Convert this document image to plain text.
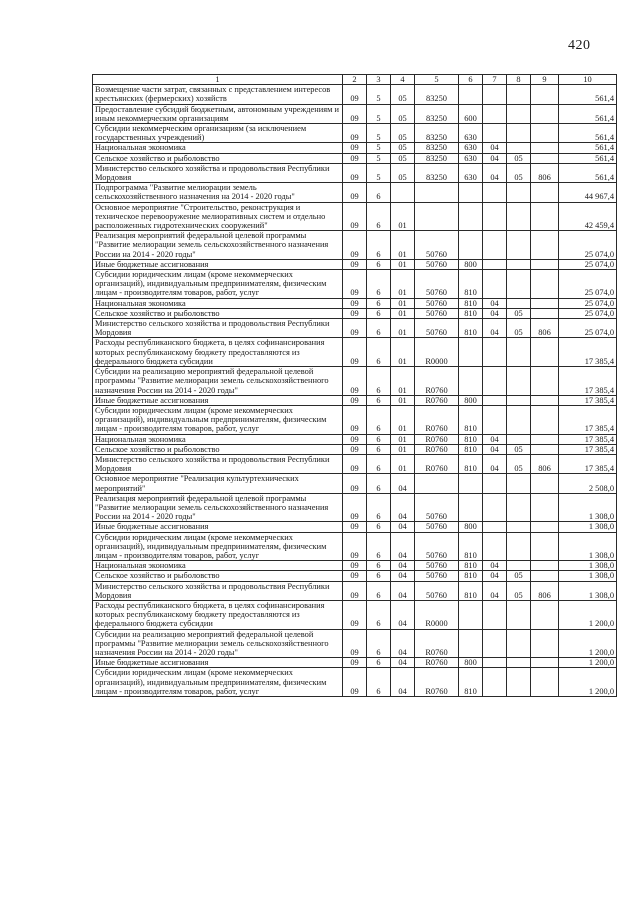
420
1	2	3	4	5	6	7	8	9	10
Возмещение части затрат, связанных с представлением интересов крестьянских (фермерских) хозяйств	09	5	05	83250					561,4
Предоставление субсидий бюджетным, автономным учреждениям и иным некоммерческим организациям	09	5	05	83250	600				561,4
Субсидии некоммерческим организациям (за исключением государственных учреждений)	09	5	05	83250	630				561,4
Национальная экономика	09	5	05	83250	630	04			561,4
Сельское хозяйство и рыболовство	09	5	05	83250	630	04	05		561,4
Министерство сельского хозяйства и продовольствия Республики Мордовия	09	5	05	83250	630	04	05	806	561,4
Подпрограмма "Развитие мелиорации земель сельскохозяйственного назначения на 2014 - 2020 годы"	09	6							44 967,4
Основное мероприятие "Строительство, реконструкция и техническое перевооружение мелиоративных систем и отдельно расположенных гидротехнических сооружений"	09	6	01						42 459,4
Реализация мероприятий федеральной целевой программы "Развитие мелиорации земель сельскохозяйственного назначения России на 2014 - 2020 годы"	09	6	01	50760					25 074,0
Иные бюджетные ассигнования	09	6	01	50760	800				25 074,0
Субсидии юридическим лицам (кроме некоммерческих организаций), индивидуальным предпринимателям, физическим лицам - производителям товаров, работ, услуг	09	6	01	50760	810				25 074,0
Национальная экономика	09	6	01	50760	810	04			25 074,0
Сельское хозяйство и рыболовство	09	6	01	50760	810	04	05		25 074,0
Министерство сельского хозяйства и продовольствия Республики Мордовия	09	6	01	50760	810	04	05	806	25 074,0
Расходы республиканского бюджета, в целях софинансирования которых республиканскому бюджету предоставляются из федерального бюджета субсидии	09	6	01	R0000					17 385,4
Субсидии на реализацию мероприятий федеральной целевой программы "Развитие мелиорации земель сельскохозяйственного назначения России на 2014 - 2020 годы"	09	6	01	R0760					17 385,4
Иные бюджетные ассигнования	09	6	01	R0760	800				17 385,4
Субсидии юридическим лицам (кроме некоммерческих организаций), индивидуальным предпринимателям, физическим лицам - производителям товаров, работ, услуг	09	6	01	R0760	810				17 385,4
Национальная экономика	09	6	01	R0760	810	04			17 385,4
Сельское хозяйство и рыболовство	09	6	01	R0760	810	04	05		17 385,4
Министерство сельского хозяйства и продовольствия Республики Мордовия	09	6	01	R0760	810	04	05	806	17 385,4
Основное мероприятие "Реализация культуртехнических мероприятий"	09	6	04						2 508,0
Реализация мероприятий федеральной целевой программы "Развитие мелиорации земель сельскохозяйственного назначения России на 2014 - 2020 годы"	09	6	04	50760					1 308,0
Иные бюджетные ассигнования	09	6	04	50760	800				1 308,0
Субсидии юридическим лицам (кроме некоммерческих организаций), индивидуальным предпринимателям, физическим лицам - производителям товаров, работ, услуг	09	6	04	50760	810				1 308,0
Национальная экономика	09	6	04	50760	810	04			1 308,0
Сельское хозяйство и рыболовство	09	6	04	50760	810	04	05		1 308,0
Министерство сельского хозяйства и продовольствия Республики Мордовия	09	6	04	50760	810	04	05	806	1 308,0
Расходы республиканского бюджета, в целях софинансирования которых республиканскому бюджету предоставляются из федерального бюджета субсидии	09	6	04	R0000					1 200,0
Субсидии на реализацию мероприятий федеральной целевой программы "Развитие мелиорации земель сельскохозяйственного назначения России на 2014 - 2020 годы"	09	6	04	R0760					1 200,0
Иные бюджетные ассигнования	09	6	04	R0760	800				1 200,0
Субсидии юридическим лицам (кроме некоммерческих организаций), индивидуальным предпринимателям, физическим лицам - производителям товаров, работ, услуг	09	6	04	R0760	810				1 200,0
